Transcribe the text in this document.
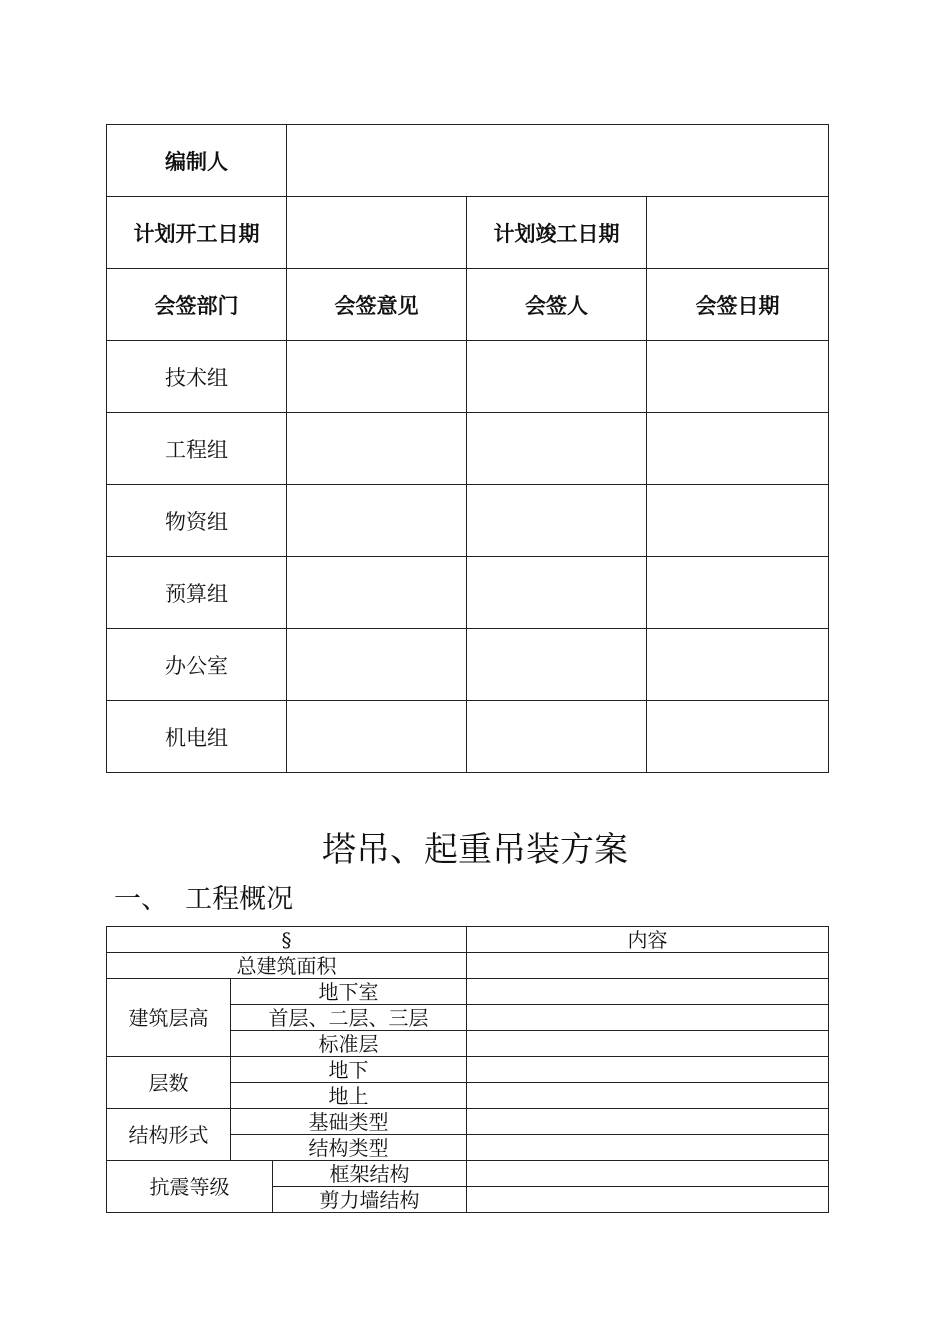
编制人			
计划开工日期		计划竣工日期	
会签部门	会签意见	会签人	会签日期
技术组			
工程组			
物资组			
预算组			
办公室			
机电组			
塔吊、起重吊装方案
一、  工程概况
§			内容
总建筑面积			
建筑层高	地下室		
	首层、二层、三层		
	标准层		
层数	地下		
	地上		
结构形式	基础类型		
	结构类型		
抗震等级		框架结构	
		剪力墙结构	
